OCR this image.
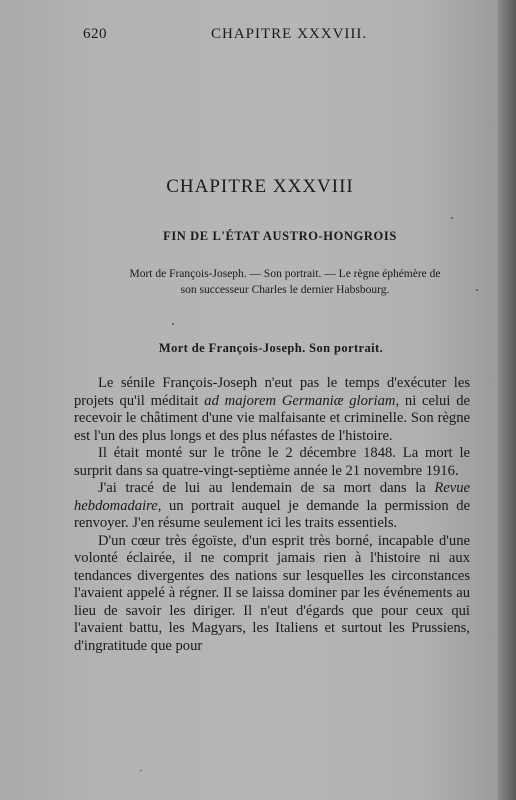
620	CHAPITRE XXXVIII.
CHAPITRE XXXVIII
FIN DE L'ÉTAT AUSTRO-HONGROIS
Mort de François-Joseph. — Son portrait. — Le règne éphémère de
son successeur Charles le dernier Habsbourg.
Mort de François-Joseph. Son portrait.

Le sénile François-Joseph n'eut pas le temps d'exécuter les projets qu'il méditait ad majorem Germaniæ gloriam, ni celui de recevoir le châtiment d'une vie malfaisante et criminelle. Son règne est l'un des plus longs et des plus néfastes de l'histoire.

Il était monté sur le trône le 2 décembre 1848. La mort le surprit dans sa quatre-vingt-septième année le 21 novembre 1916.

J'ai tracé de lui au lendemain de sa mort dans la Revue hebdomadaire, un portrait auquel je demande la permission de renvoyer. J'en résume seulement ici les traits essentiels.

D'un cœur très égoïste, d'un esprit très borné, incapable d'une volonté éclairée, il ne comprit jamais rien à l'histoire ni aux tendances divergentes des nations sur lesquelles les circonstances l'avaient appelé à régner. Il se laissa dominer par les événements au lieu de savoir les diriger. Il n'eut d'égards que pour ceux qui l'avaient battu, les Magyars, les Italiens et surtout les Prussiens, d'ingratitude que pour
